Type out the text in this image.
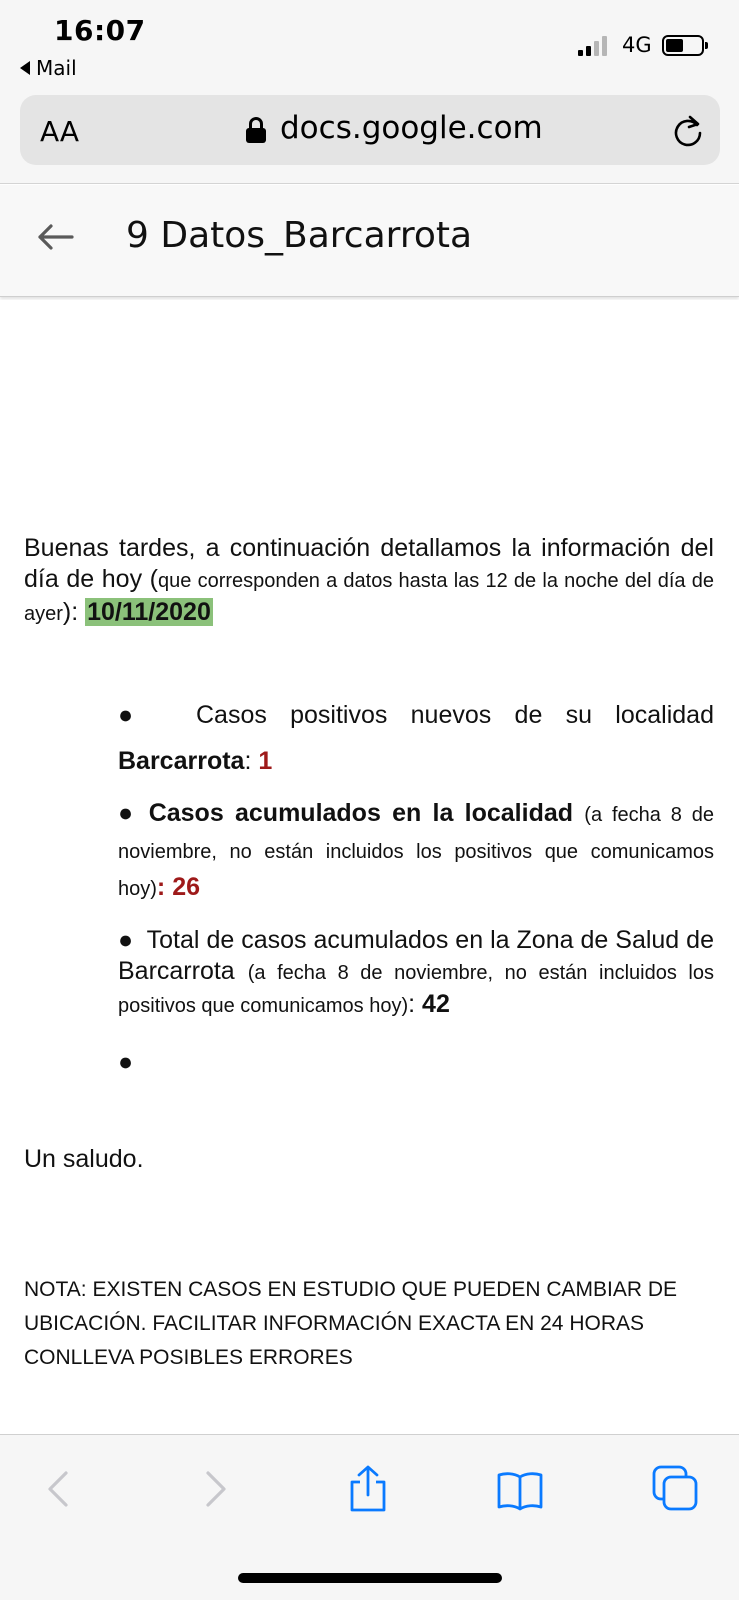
16:07
Mail
4G
AA	docs.google.com
9 Datos_Barcarrota
Buenas tardes, a continuación detallamos la información del día de hoy (que corresponden a datos hasta las 12 de la noche del día de ayer): 10/11/2020
● Casos positivos nuevos de su localidad Barcarrota: 1
● Casos acumulados en la localidad (a fecha 8 de noviembre, no están incluidos los positivos que comunicamos hoy): 26
● Total de casos acumulados en la Zona de Salud de Barcarrota (a fecha 8 de noviembre, no están incluidos los positivos que comunicamos hoy): 42
●
Un saludo.
NOTA: EXISTEN CASOS EN ESTUDIO QUE PUEDEN CAMBIAR DE UBICACIÓN. FACILITAR INFORMACIÓN EXACTA EN 24 HORAS CONLLEVA POSIBLES ERRORES
